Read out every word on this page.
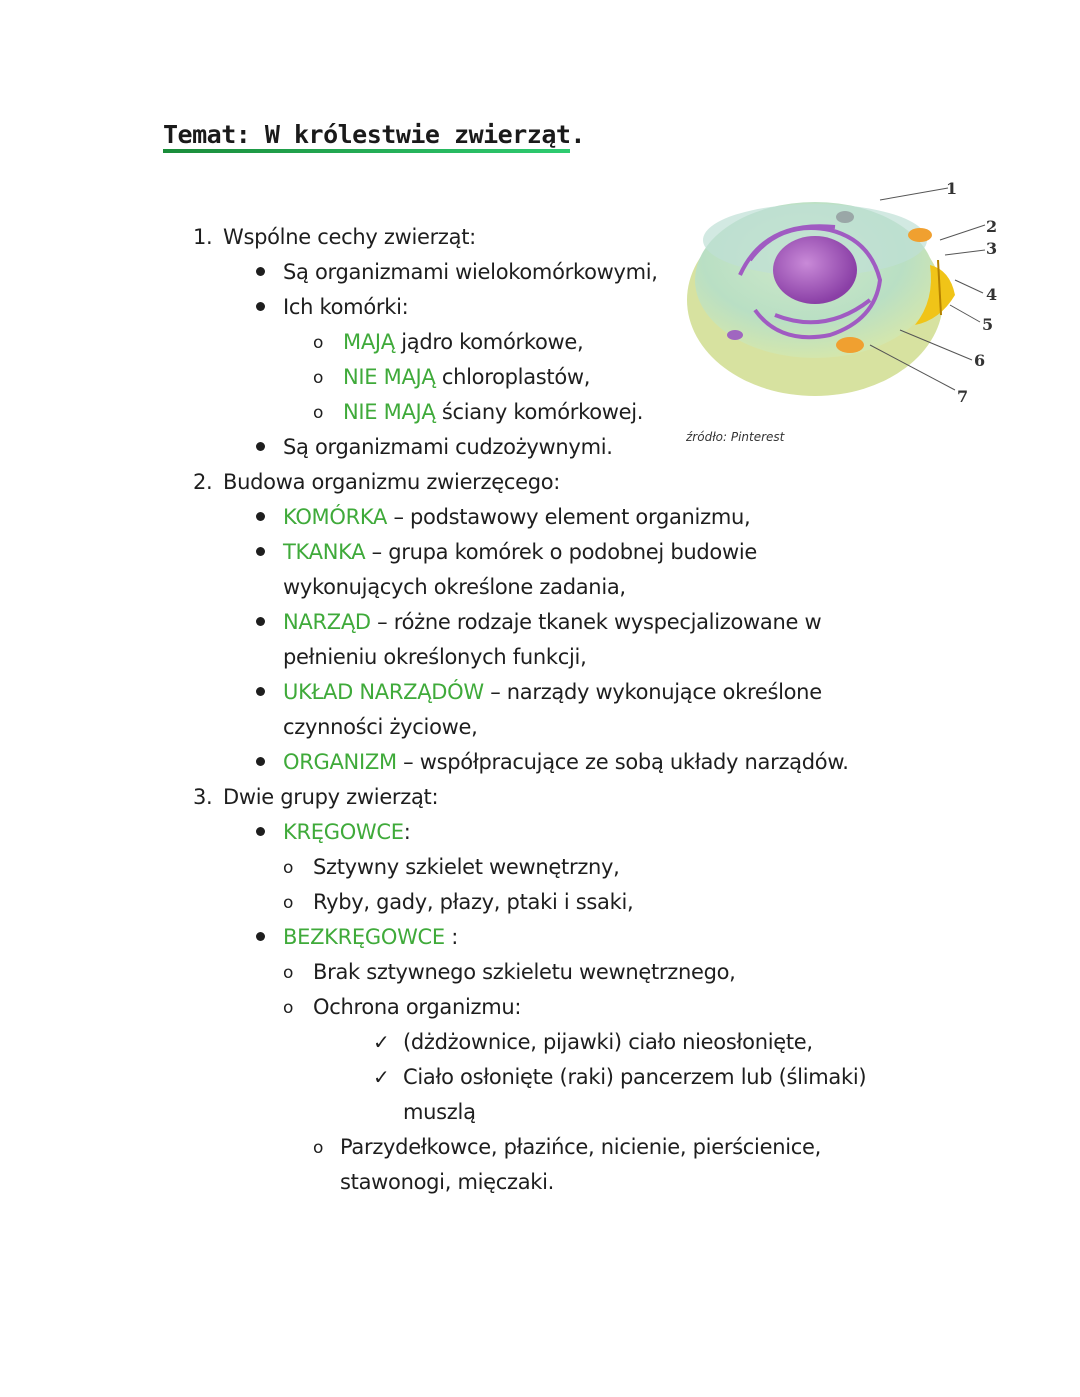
Temat: W królestwie zwierząt.
1
2
3
4
5
6
7
źródło: Pinterest
1. Wspólne cechy zwierząt:
Są organizmami wielokomórkowymi,
Ich komórki:
o MAJĄ jądro komórkowe,
o NIE MAJĄ chloroplastów,
o NIE MAJĄ ściany komórkowej.
Są organizmami cudzożywnymi.
2. Budowa organizmu zwierzęcego:
KOMÓRKA – podstawowy element organizmu,
TKANKA – grupa komórek o podobnej budowie
wykonujących określone zadania,
NARZĄD – różne rodzaje tkanek wyspecjalizowane w
pełnieniu określonych funkcji,
UKŁAD NARZĄDÓW – narządy wykonujące określone
czynności życiowe,
ORGANIZM – współpracujące ze sobą układy narządów.
3. Dwie grupy zwierząt:
KRĘGOWCE:
o Sztywny szkielet wewnętrzny,
o Ryby, gady, płazy, ptaki i ssaki,
BEZKRĘGOWCE :
o Brak sztywnego szkieletu wewnętrznego,
o Ochrona organizmu:
✓ (dżdżownice, pijawki) ciało nieosłonięte,
✓ Ciało osłonięte (raki) pancerzem lub (ślimaki)
muszlą
o Parzydełkowce, płazińce, nicienie, pierścienice,
stawonogi, mięczaki.
